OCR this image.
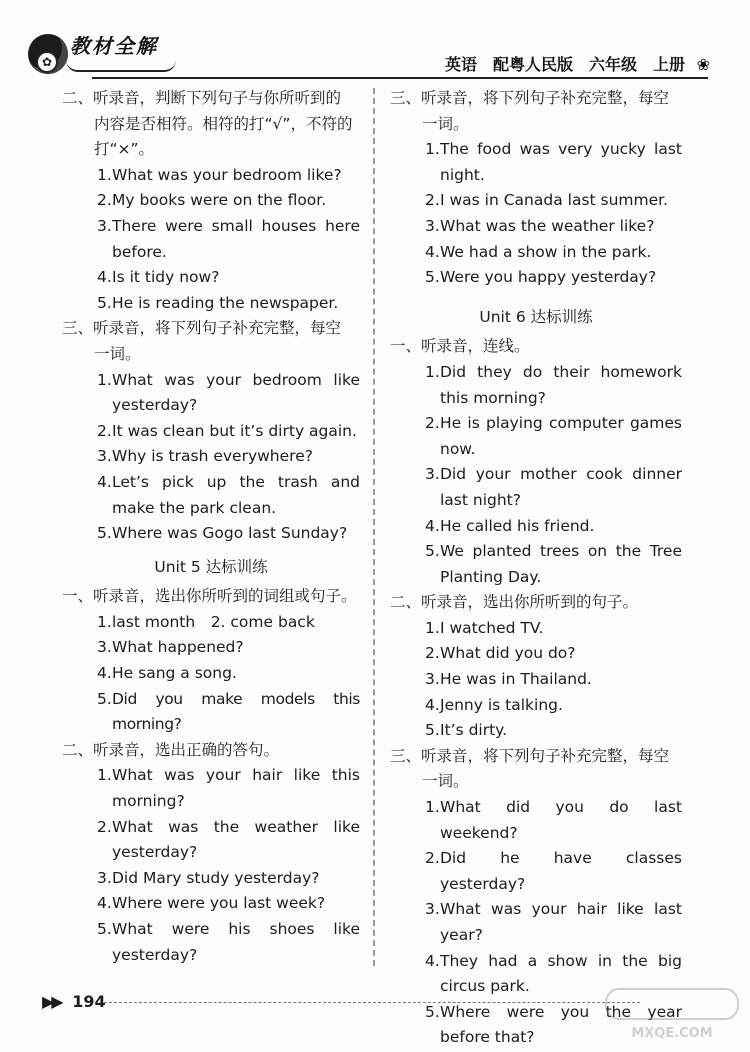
✿
教材全解
英语　配粤人民版　六年级　上册 ❀
二、听录音，判断下列句子与你所听到的
内容是否相符。相符的打“√”，不符的打“×”。
1.What was your bedroom like?
2.My books were on the floor.
3.There were small houses here before.
4.Is it tidy now?
5.He is reading the newspaper.
三、听录音，将下列句子补充完整，每空
一词。
1.What was your bedroom like yesterday?
2.It was clean but it’s dirty again.
3.Why is trash everywhere?
4.Let’s pick up the trash and make the park clean.
5.Where was Gogo last Sunday?
Unit 5 达标训练
一、听录音，选出你所听到的词组或句子。
1.last month　2. come back
3.What happened?
4.He sang a song.
5.Did you make models this morning?
二、听录音，选出正确的答句。
1.What was your hair like this morning?
2.What was the weather like yesterday?
3.Did Mary study yesterday?
4.Where were you last week?
5.What were his shoes like yesterday?
三、听录音，将下列句子补充完整，每空
一词。
1.The food was very yucky last night.
2.I was in Canada last summer.
3.What was the weather like?
4.We had a show in the park.
5.Were you happy yesterday?
Unit 6 达标训练
一、听录音，连线。
1.Did they do their homework this morning?
2.He is playing computer games now.
3.Did your mother cook dinner last night?
4.He called his friend.
5.We planted trees on the Tree Planting Day.
二、听录音，选出你所听到的句子。
1.I watched TV.
2.What did you do?
3.He was in Thailand.
4.Jenny is talking.
5.It’s dirty.
三、听录音，将下列句子补充完整，每空
一词。
1.What did you do last weekend?
2.Did he have classes yesterday?
3.What was your hair like last year?
4.They had a show in the big circus park.
5.Where were you the year before that?
▶▶ 194
MXQE.COM
